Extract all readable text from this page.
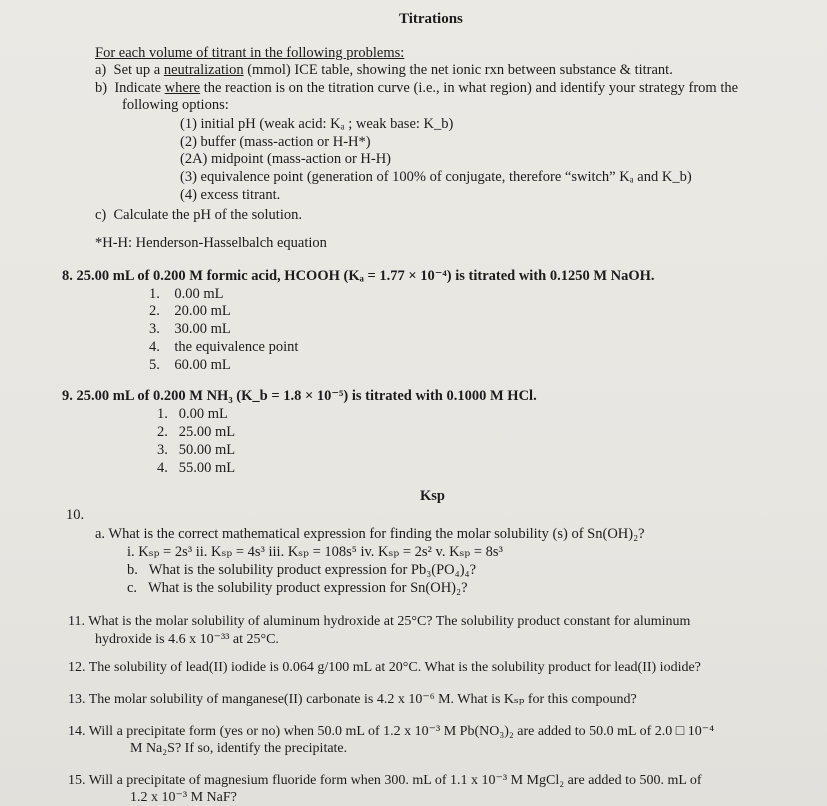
Titrations
For each volume of titrant in the following problems:
a) Set up a neutralization (mmol) ICE table, showing the net ionic rxn between substance & titrant.
b) Indicate where the reaction is on the titration curve (i.e., in what region) and identify your strategy from the
following options:
(1) initial pH (weak acid: Kₐ ; weak base: K_b)
(2) buffer (mass-action or H-H*)
(2A) midpoint (mass-action or H-H)
(3) equivalence point (generation of 100% of conjugate, therefore “switch” Kₐ and K_b)
(4) excess titrant.
c) Calculate the pH of the solution.
*H-H: Henderson-Hasselbalch equation
8. 25.00 mL of 0.200 M formic acid, HCOOH (Kₐ = 1.77 × 10⁻⁴) is titrated with 0.1250 M NaOH.
1. 0.00 mL
2. 20.00 mL
3. 30.00 mL
4. the equivalence point
5. 60.00 mL
9. 25.00 mL of 0.200 M NH₃ (K_b = 1.8 × 10⁻⁵) is titrated with 0.1000 M HCl.
1. 0.00 mL
2. 25.00 mL
3. 50.00 mL
4. 55.00 mL
Ksp
10.
a. What is the correct mathematical expression for finding the molar solubility (s) of Sn(OH)₂?
i. Kₛₚ = 2s³ ii. Kₛₚ = 4s³ iii. Kₛₚ = 108s⁵ iv. Kₛₚ = 2s² v. Kₛₚ = 8s³
b. What is the solubility product expression for Pb₃(PO₄)₄?
c. What is the solubility product expression for Sn(OH)₂?
11. What is the molar solubility of aluminum hydroxide at 25°C? The solubility product constant for aluminum
hydroxide is 4.6 x 10⁻³³ at 25°C.
12. The solubility of lead(II) iodide is 0.064 g/100 mL at 20°C. What is the solubility product for lead(II) iodide?
13. The molar solubility of manganese(II) carbonate is 4.2 x 10⁻⁶ M. What is Kₛₚ for this compound?
14. Will a precipitate form (yes or no) when 50.0 mL of 1.2 x 10⁻³ M Pb(NO₃)₂ are added to 50.0 mL of 2.0 □ 10⁻⁴
M Na₂S? If so, identify the precipitate.
15. Will a precipitate of magnesium fluoride form when 300. mL of 1.1 x 10⁻³ M MgCl₂ are added to 500. mL of
1.2 x 10⁻³ M NaF?
